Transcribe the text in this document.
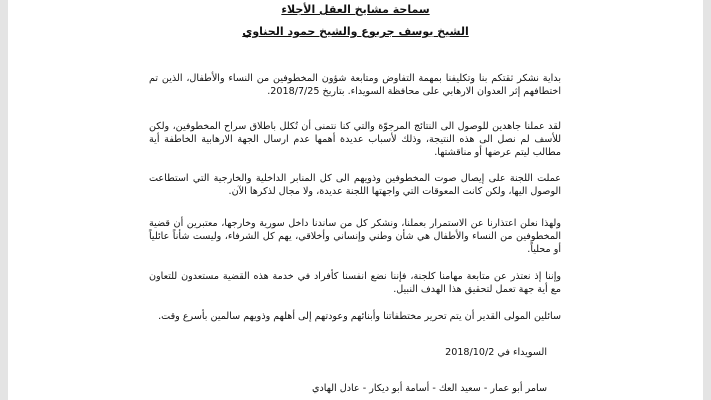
سماحة مشايخ العقل الأجلاء
الشيخ يوسف جربوع والشيخ حمود الحناوي
بداية نشكر ثقتكم بنا وتكليفنا بمهمة التفاوض ومتابعة شؤون المخطوفين من النساء والأطفال، الذين تم اختطافهم إثر العدوان الارهابي على محافظة السويداء. بتاريخ 2018/7/25.
لقد عملنا جاهدين للوصول الى النتائج المرجوّة والتي كنا نتمنى أن تُكلل باطلاق سراح المخطوفين، ولكن للأسف لم نصل الى هذه النتيجة، وذلك لأسباب عديدة أهمها عدم ارسال الجهة الارهابية الخاطفة أية مطالب ليتم عرضها أو مناقشتها.
عملت اللجنة على إيصال صوت المخطوفين وذويهم الى كل المنابر الداخلية والخارجية التي استطاعت الوصول اليها، ولكن كانت المعوقات التي واجهتها اللجنة عديدة، ولا مجال لذكرها الآن.
ولهذا نعلن اعتذارنا عن الاستمرار بعملنا، ونشكر كل من ساندنا داخل سورية وخارجها، معتبرين أن قضية المخطوفين من النساء والأطفال هي شأن وطني وإنساني وأخلاقي، يهم كل الشرفاء، وليست شأناً عائلياً أو محلياً.
وإننا إذ نعتذر عن متابعة مهامنا كلجنة، فإننا نضع انفسنا كأفراد في خدمة هذه القضية مستعدون للتعاون مع أية جهة تعمل لتحقيق هذا الهدف النبيل.
سائلين المولى القدير أن يتم تحرير مختطفاتنا وأبنائهم وعودتهم إلى أهلهم وذويهم سالمين بأسرع وقت.
السويداء في 2018/10/2
سامر أبو عمار - سعيد العك - أسامة أبو ديكار - عادل الهادي
